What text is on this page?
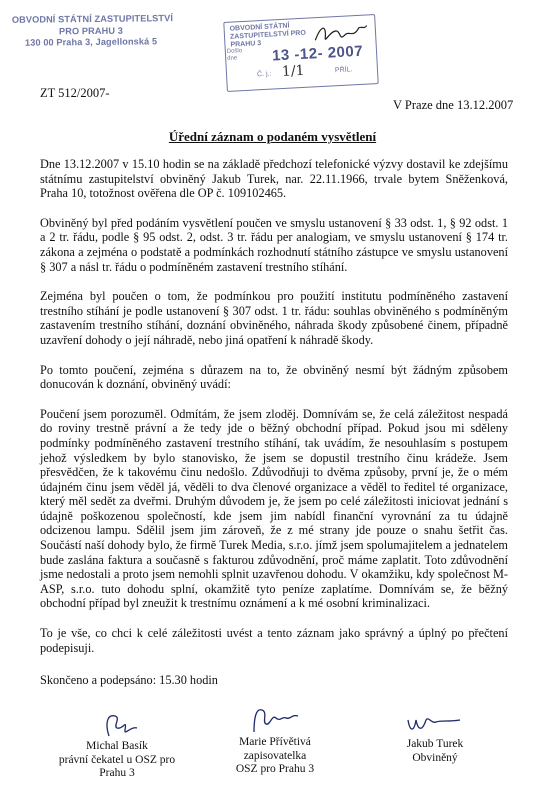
OBVODNÍ STÁTNÍ ZASTUPITELSTVÍ
PRO PRAHU 3
130 00 Praha 3, Jagellonská 5
OBVODNÍ STÁTNÍ ZASTUPITELSTVÍ PRO PRAHU 3
Došlo dne 13 -12- 2007
Č. j.: 1/1	PŘÍL.
ZT 512/2007-
V Praze dne 13.12.2007
Úřední záznam o podaném vysvětlení

Dne 13.12.2007 v 15.10 hodin se na základě předchozí telefonické výzvy dostavil ke zdejšímu státnímu zastupitelství obviněný Jakub Turek, nar. 22.11.1966, trvale bytem Sněženková, Praha 10, totožnost ověřena dle OP č. 109102465.

Obviněný byl před podáním vysvětlení poučen ve smyslu ustanovení § 33 odst. 1, § 92 odst. 1 a 2 tr. řádu, podle § 95 odst. 2, odst. 3 tr. řádu per analogiam, ve smyslu ustanovení § 174 tr. zákona a zejména o podstatě a podmínkách rozhodnutí státního zástupce ve smyslu ustanovení § 307 a násl tr. řádu o podmíněném zastavení trestního stíhání.

Zejména byl poučen o tom, že podmínkou pro použití institutu podmíněného zastavení trestního stíhání je podle ustanovení § 307 odst. 1 tr. řádu: souhlas obviněného s podmíněným zastavením trestního stíhání, doznání obviněného, náhrada škody způsobené činem, případně uzavření dohody o její náhradě, nebo jiná opatření k náhradě škody.

Po tomto poučení, zejména s důrazem na to, že obviněný nesmí být žádným způsobem donucován k doznání, obviněný uvádí:

Poučení jsem porozuměl. Odmítám, že jsem zloděj. Domnívám se, že celá záležitost nespadá do roviny trestně právní a že tedy jde o běžný obchodní případ. Pokud jsou mi sděleny podmínky podmíněného zastavení trestního stíhání, tak uvádím, že nesouhlasím s postupem jehož výsledkem by bylo stanovisko, že jsem se dopustil trestního činu krádeže. Jsem přesvědčen, že k takovému činu nedošlo. Zdůvodňuji to dvěma způsoby, první je, že o mém údajném činu jsem věděl já, věděli to dva členové organizace a věděl to ředitel té organizace, který měl sedět za dveřmi. Druhým důvodem je, že jsem po celé záležitosti iniciovat jednání s údajně poškozenou společností, kde jsem jim nabídl finanční vyrovnání za tu údajně odcizenou lampu. Sdělil jsem jim zároveň, že z mé strany jde pouze o snahu šetřit čas. Součástí naší dohody bylo, že firmě Turek Media, s.r.o. jímž jsem spolumajitelem a jednatelem bude zaslána faktura a současně s fakturou zdůvodnění, proč máme zaplatit. Toto zdůvodnění jsme nedostali a proto jsem nemohli splnit uzavřenou dohodu. V okamžiku, kdy společnost M-ASP, s.r.o. tuto dohodu splní, okamžitě tyto peníze zaplatíme. Domnívám se, že běžný obchodní případ byl zneužit k trestnímu oznámení a k mé osobní kriminalizaci.

To je vše, co chci k celé záležitosti uvést a tento záznam jako správný a úplný po přečtení podepisuji.

Skončeno a podepsáno: 15.30 hodin

Michal Basík
právní čekatel u OSZ pro
Prahu 3
Marie Přívětivá
zapisovatelka
OSZ pro Prahu 3
Jakub Turek
Obviněný
